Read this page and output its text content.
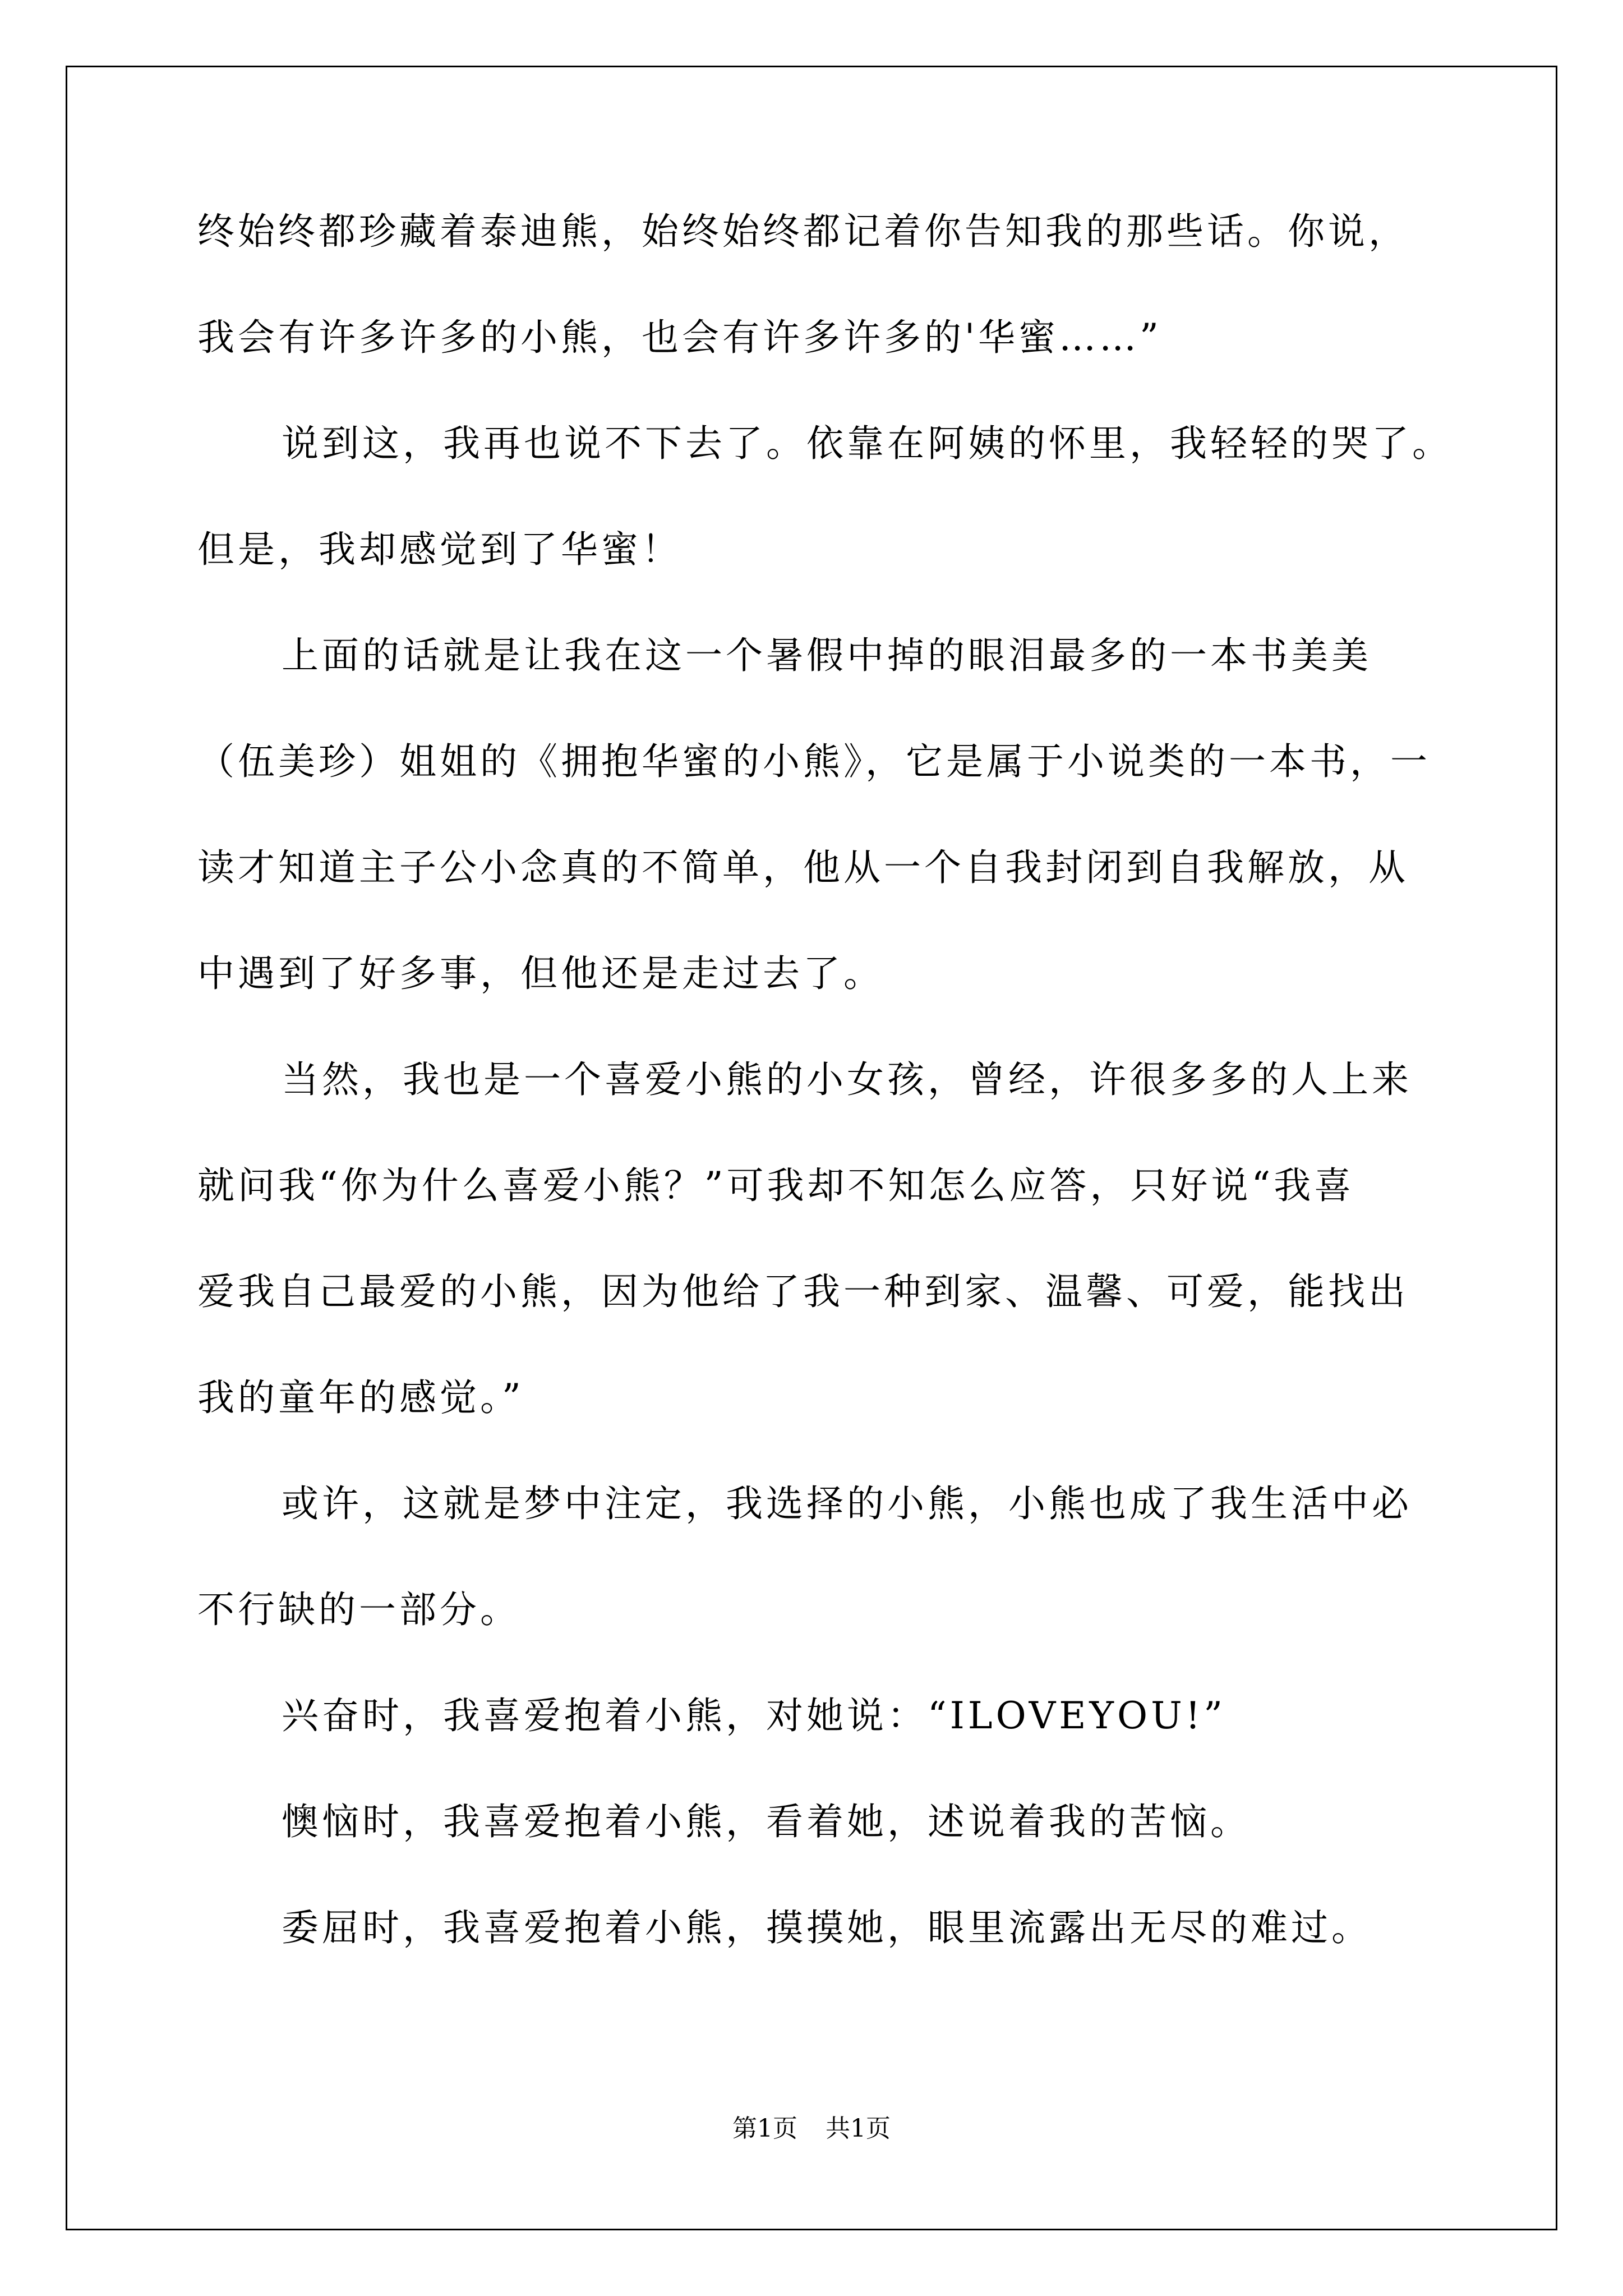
终始终都珍藏着泰迪熊，始终始终都记着你告知我的那些话。你说，

我会有许多许多的小熊，也会有许多许多的'华蜜……”

说到这，我再也说不下去了。依靠在阿姨的怀里，我轻轻的哭了。

但是，我却感觉到了华蜜！

上面的话就是让我在这一个暑假中掉的眼泪最多的一本书美美

（伍美珍）姐姐的《拥抱华蜜的小熊》，它是属于小说类的一本书，一

读才知道主子公小念真的不简单，他从一个自我封闭到自我解放，从

中遇到了好多事，但他还是走过去了。

当然，我也是一个喜爱小熊的小女孩，曾经，许很多多的人上来

就问我“你为什么喜爱小熊？”可我却不知怎么应答，只好说“我喜

爱我自己最爱的小熊，因为他给了我一种到家、温馨、可爱，能找出

我的童年的感觉。”

或许，这就是梦中注定，我选择的小熊，小熊也成了我生活中必

不行缺的一部分。

兴奋时，我喜爱抱着小熊，对她说：“ILOVEYOU!”

懊恼时，我喜爱抱着小熊，看着她，述说着我的苦恼。

委屈时，我喜爱抱着小熊，摸摸她，眼里流露出无尽的难过。

第1页 共1页
